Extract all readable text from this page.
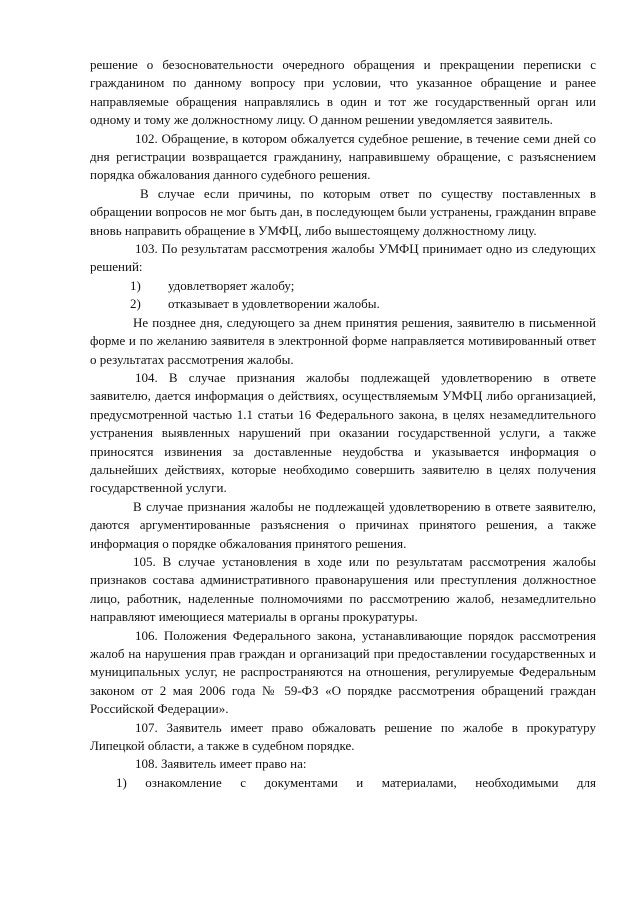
решение о безосновательности очередного обращения и прекращении переписки с гражданином по данному вопросу при условии, что указанное обращение и ранее направляемые обращения направлялись в один и тот же государственный орган или одному и тому же должностному лицу. О данном решении уведомляется заявитель.

102. Обращение, в котором обжалуется судебное решение, в течение семи дней со дня регистрации возвращается гражданину, направившему обращение, с разъяснением порядка обжалования данного судебного решения.

В случае если причины, по которым ответ по существу поставленных в обращении вопросов не мог быть дан, в последующем были устранены, гражданин вправе вновь направить обращение в УМФЦ, либо вышестоящему должностному лицу.

103. По результатам рассмотрения жалобы УМФЦ принимает одно из следующих решений:

1) удовлетворяет жалобу;

2) отказывает в удовлетворении жалобы.

Не позднее дня, следующего за днем принятия решения, заявителю в письменной форме и по желанию заявителя в электронной форме направляется мотивированный ответ о результатах рассмотрения жалобы.

104. В случае признания жалобы подлежащей удовлетворению в ответе заявителю, дается информация о действиях, осуществляемым УМФЦ либо организацией, предусмотренной частью 1.1 статьи 16 Федерального закона, в целях незамедлительного устранения выявленных нарушений при оказании государственной услуги, а также приносятся извинения за доставленные неудобства и указывается информация о дальнейших действиях, которые необходимо совершить заявителю в целях получения государственной услуги.

В случае признания жалобы не подлежащей удовлетворению в ответе заявителю, даются аргументированные разъяснения о причинах принятого решения, а также информация о порядке обжалования принятого решения.

105. В случае установления в ходе или по результатам рассмотрения жалобы признаков состава административного правонарушения или преступления должностное лицо, работник, наделенные полномочиями по рассмотрению жалоб, незамедлительно направляют имеющиеся материалы в органы прокуратуры.

106. Положения Федерального закона, устанавливающие порядок рассмотрения жалоб на нарушения прав граждан и организаций при предоставлении государственных и муниципальных услуг, не распространяются на отношения, регулируемые Федеральным законом от 2 мая 2006 года № 59-ФЗ «О порядке рассмотрения обращений граждан Российской Федерации».

107. Заявитель имеет право обжаловать решение по жалобе в прокуратуру Липецкой области, а также в судебном порядке.

108. Заявитель имеет право на:

1) ознакомление с документами и материалами, необходимыми для
